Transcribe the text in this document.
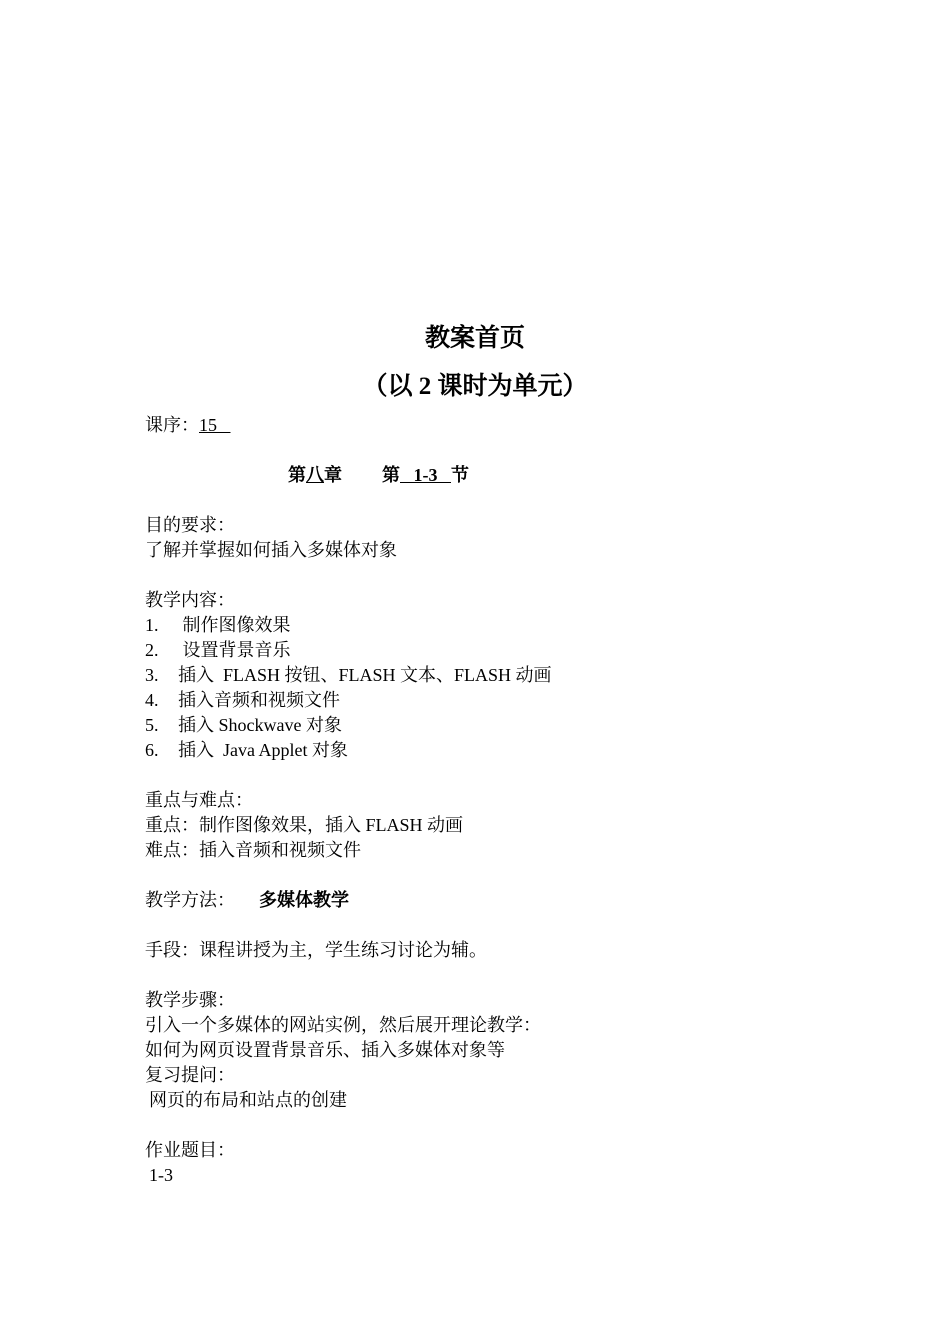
教案首页
（以 2 课时为单元）
课序：15
第八章 第   1-3   节
目的要求：
了解并掌握如何插入多媒体对象
教学内容：
1. 制作图像效果
2. 设置背景音乐
3. 插入  FLASH 按钮、FLASH 文本、FLASH 动画
4. 插入音频和视频文件
5. 插入 Shockwave 对象
6. 插入  Java Applet 对象
重点与难点：
重点：制作图像效果，插入 FLASH 动画
难点：插入音频和视频文件
教学方法： 多媒体教学
手段：课程讲授为主，学生练习讨论为辅。
教学步骤：
引入一个多媒体的网站实例，然后展开理论教学：
如何为网页设置背景音乐、插入多媒体对象等
复习提问：
网页的布局和站点的创建
作业题目：
1-3
